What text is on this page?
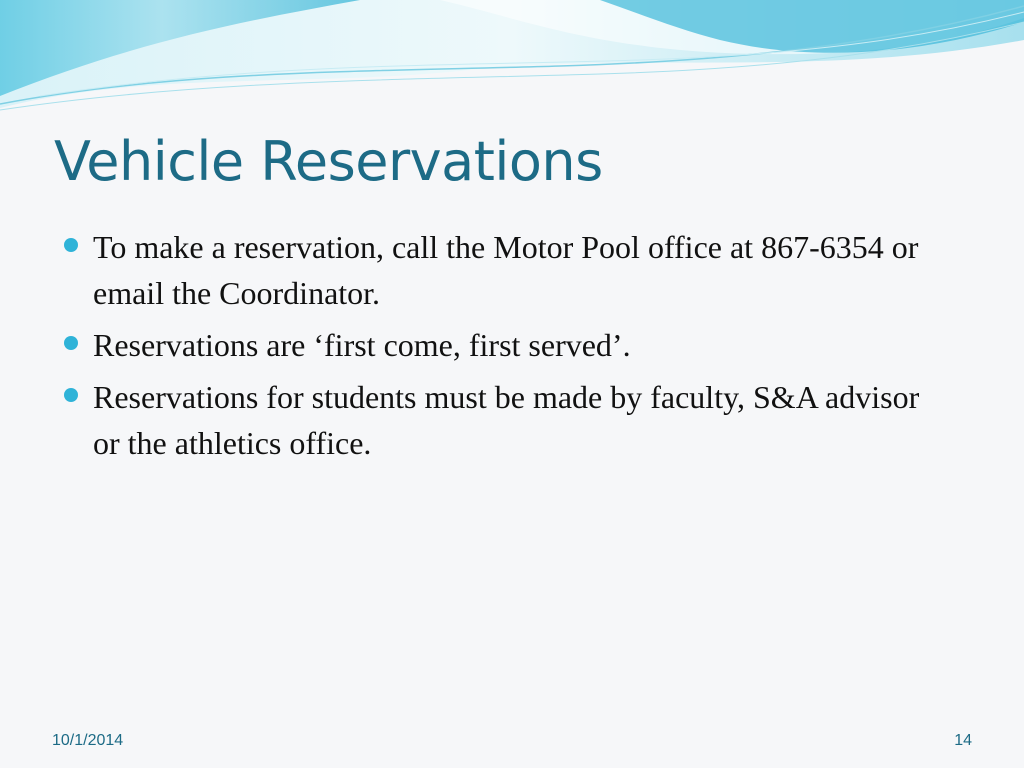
Vehicle Reservations
To make a reservation, call the Motor Pool office at 867-6354 or email the Coordinator.
Reservations are ‘first come, first served’.
Reservations for students must be made by faculty, S&A advisor or the athletics office.
10/1/2014	14
